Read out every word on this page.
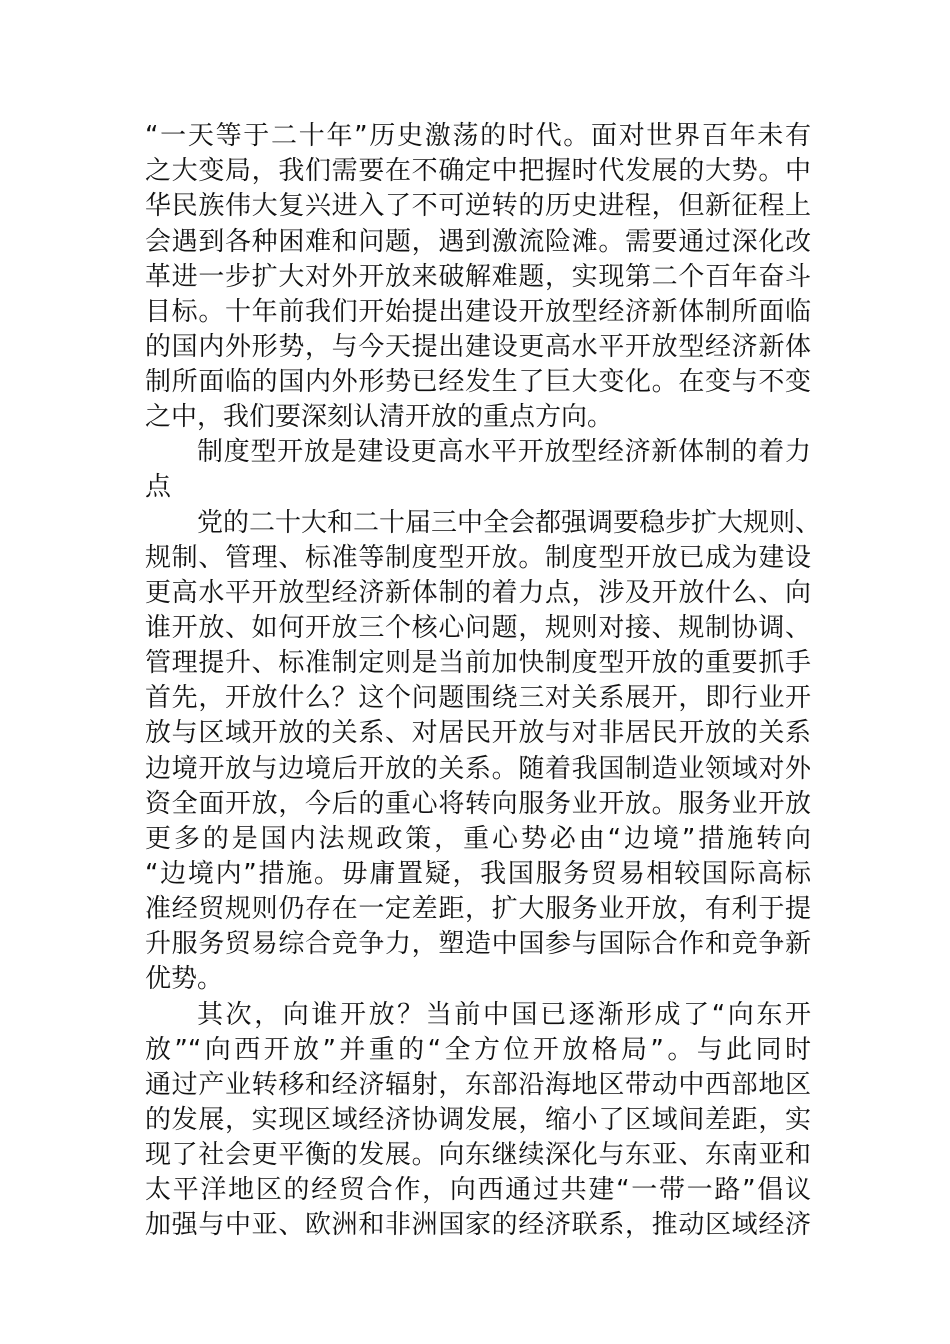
“一天等于二十年”历史激荡的时代。面对世界百年未有
之大变局，我们需要在不确定中把握时代发展的大势。中
华民族伟大复兴进入了不可逆转的历史进程，但新征程上
会遇到各种困难和问题，遇到激流险滩。需要通过深化改
革进一步扩大对外开放来破解难题，实现第二个百年奋斗
目标。十年前我们开始提出建设开放型经济新体制所面临
的国内外形势，与今天提出建设更高水平开放型经济新体
制所面临的国内外形势已经发生了巨大变化。在变与不变
之中，我们要深刻认清开放的重点方向。
制度型开放是建设更高水平开放型经济新体制的着力
点
党的二十大和二十届三中全会都强调要稳步扩大规则、
规制、管理、标准等制度型开放。制度型开放已成为建设
更高水平开放型经济新体制的着力点，涉及开放什么、向
谁开放、如何开放三个核心问题，规则对接、规制协调、
管理提升、标准制定则是当前加快制度型开放的重要抓手
首先，开放什么？这个问题围绕三对关系展开，即行业开
放与区域开放的关系、对居民开放与对非居民开放的关系
边境开放与边境后开放的关系。随着我国制造业领域对外
资全面开放，今后的重心将转向服务业开放。服务业开放
更多的是国内法规政策，重心势必由“边境”措施转向
“边境内”措施。毋庸置疑，我国服务贸易相较国际高标
准经贸规则仍存在一定差距，扩大服务业开放，有利于提
升服务贸易综合竞争力，塑造中国参与国际合作和竞争新
优势。
其次，向谁开放？当前中国已逐渐形成了“向东开
放”“向西开放”并重的“全方位开放格局”。与此同时
通过产业转移和经济辐射，东部沿海地区带动中西部地区
的发展，实现区域经济协调发展，缩小了区域间差距，实
现了社会更平衡的发展。向东继续深化与东亚、东南亚和
太平洋地区的经贸合作，向西通过共建“一带一路”倡议
加强与中亚、欧洲和非洲国家的经济联系，推动区域经济
